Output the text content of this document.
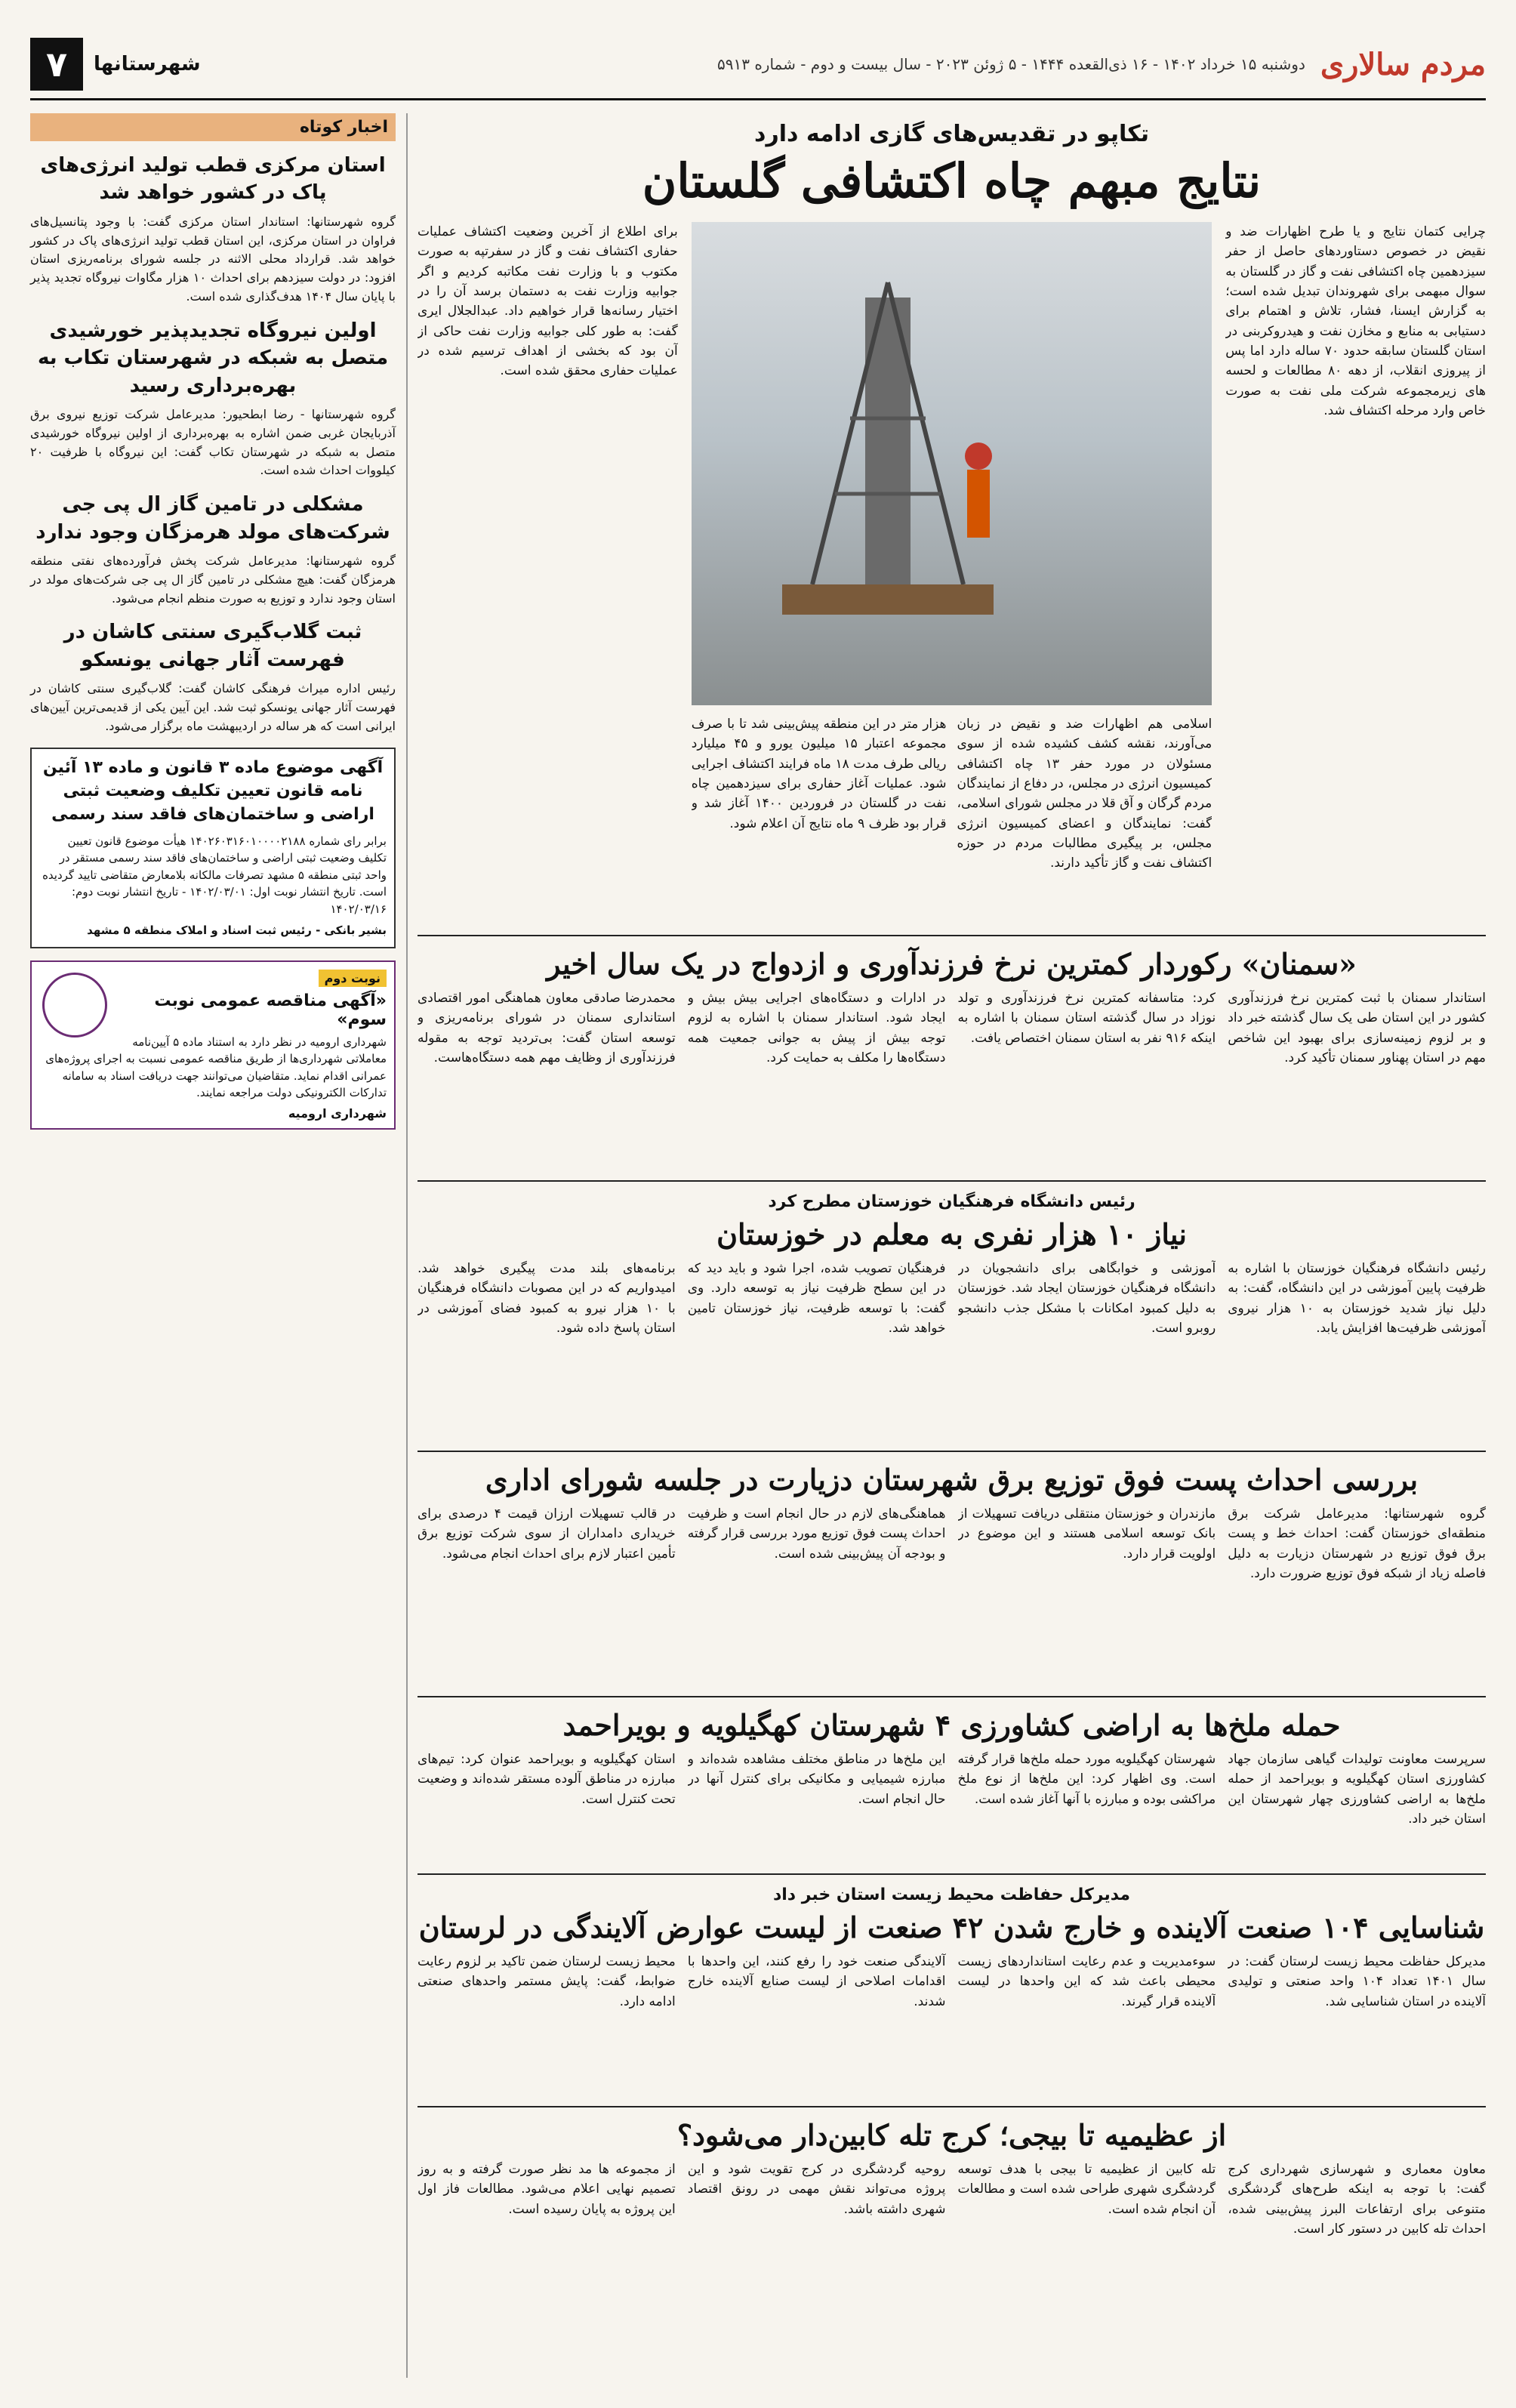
مردم سالاری
دوشنبه ۱۵ خرداد ۱۴۰۲ - ۱۶ ذی‌القعده ۱۴۴۴ - ۵ ژوئن ۲۰۲۳ - سال بیست و دوم - شماره ۵۹۱۳
شهرستانها
۷
تکاپو در تقدیس‌های گازی ادامه دارد
نتایج مبهم چاه اکتشافی گلستان
چرایی کتمان نتایج و یا طرح اظهارات ضد و نقیض در خصوص دستاوردهای حاصل از حفر سیزدهمین چاه اکتشافی نفت و گاز در گلستان به سوال مبهمی برای شهروندان تبدیل شده است؛ به گزارش ایسنا، فشار، تلاش و اهتمام برای دستیابی به منابع و مخازن نفت و هیدروکربنی در استان گلستان سابقه حدود ۷۰ ساله دارد اما پس از پیروزی انقلاب، از دهه ۸۰ مطالعات و لحسه های زیرمجموعه شرکت ملی نفت به صورت خاص وارد مرحله اکتشاف شد.
اسلامی هم اظهارات ضد و نقیض در زبان می‌آورند، نقشه کشف کشیده شده از سوی مسئولان در مورد حفر ۱۳ چاه اکتشافی کمیسیون انرژی در مجلس، در دفاع از نمایندگان مردم گرگان و آق قلا در مجلس شورای اسلامی، گفت: نمایندگان و اعضای کمیسیون انرژی مجلس، بر پیگیری مطالبات مردم در حوزه اکتشاف نفت و گاز تأکید دارند.
هزار متر در این منطقه پیش‌بینی شد تا با صرف مجموعه اعتبار ۱۵ میلیون یورو و ۴۵ میلیارد ریالی طرف مدت ۱۸ ماه فرایند اکتشاف اجرایی شود. عملیات آغاز حفاری برای سیزدهمین چاه نفت در گلستان در فروردین ۱۴۰۰ آغاز شد و قرار بود ظرف ۹ ماه نتایج آن اعلام شود.
برای اطلاع از آخرین وضعیت اکتشاف عملیات حفاری اکتشاف نفت و گاز در سفرتپه به صورت مکتوب و با وزارت نفت مکاتبه کردیم و اگر جوابیه وزارت نفت به دستمان برسد آن را در اختیار رسانه‌ها قرار خواهیم داد. عبدالجلال ایری گفت: به طور کلی جوابیه وزارت نفت حاکی از آن بود که بخشی از اهداف ترسیم شده در عملیات حفاری محقق شده است.
«سمنان» رکوردار کمترین نرخ فرزندآوری و ازدواج در یک سال اخیر
استاندار سمنان با ثبت کمترین نرخ فرزندآوری کشور در این استان طی یک سال گذشته خبر داد و بر لزوم زمینه‌سازی برای بهبود این شاخص مهم در استان پهناور سمنان تأکید کرد.
کرد: متاسفانه کمترین نرخ فرزندآوری و تولد نوزاد در سال گذشته استان سمنان با اشاره به اینکه ۹۱۶ نفر به استان سمنان اختصاص یافت.
در ادارات و دستگاه‌های اجرایی بیش بیش و ایجاد شود. استاندار سمنان با اشاره به لزوم توجه بیش از پیش به جوانی جمعیت همه دستگاه‌ها را مکلف به حمایت کرد.
محمدرضا صادقی معاون هماهنگی امور اقتصادی استانداری سمنان در شورای برنامه‌ریزی و توسعه استان گفت: بی‌تردید توجه به مقوله فرزندآوری از وظایف مهم همه دستگاه‌هاست.
رئیس دانشگاه فرهنگیان خوزستان مطرح کرد
نیاز ۱۰ هزار نفری به معلم در خوزستان
رئیس دانشگاه فرهنگیان خوزستان با اشاره به ظرفیت پایین آموزشی در این دانشگاه، گفت: به دلیل نیاز شدید خوزستان به ۱۰ هزار نیروی آموزشی ظرفیت‌ها افزایش یابد.
آموزشی و خوابگاهی برای دانشجویان در دانشگاه فرهنگیان خوزستان ایجاد شد. خوزستان به دلیل کمبود امکانات با مشکل جذب دانشجو روبرو است.
فرهنگیان تصویب شده، اجرا شود و باید دید که در این سطح ظرفیت نیاز به توسعه دارد. وی گفت: با توسعه ظرفیت، نیاز خوزستان تامین خواهد شد.
برنامه‌های بلند مدت پیگیری خواهد شد. امیدواریم که در این مصوبات دانشگاه فرهنگیان با ۱۰ هزار نیرو به کمبود فضای آموزشی در استان پاسخ داده شود.
بررسی احداث پست فوق توزیع برق شهرستان دزیارت در جلسه شورای اداری
گروه شهرستانها: مدیرعامل شرکت برق منطقه‌ای خوزستان گفت: احداث خط و پست برق فوق توزیع در شهرستان دزیارت به دلیل فاصله زیاد از شبکه فوق توزیع ضرورت دارد.
مازندران و خوزستان منتقلی دریافت تسهیلات از بانک توسعه اسلامی هستند و این موضوع در اولویت قرار دارد.
هماهنگی‌های لازم در حال انجام است و ظرفیت احداث پست فوق توزیع مورد بررسی قرار گرفته و بودجه آن پیش‌بینی شده است.
در قالب تسهیلات ارزان قیمت ۴ درصدی برای خریداری دامداران از سوی شرکت توزیع برق تأمین اعتبار لازم برای احداث انجام می‌شود.
حمله ملخ‌ها به اراضی کشاورزی ۴ شهرستان کهگیلویه و بویراحمد
سرپرست معاونت تولیدات گیاهی سازمان جهاد کشاورزی استان کهگیلویه و بویراحمد از حمله ملخ‌ها به اراضی کشاورزی چهار شهرستان این استان خبر داد.
شهرستان کهگیلویه مورد حمله ملخ‌ها قرار گرفته است. وی اظهار کرد: این ملخ‌ها از نوع ملخ مراکشی بوده و مبارزه با آنها آغاز شده است.
این ملخ‌ها در مناطق مختلف مشاهده شده‌اند و مبارزه شیمیایی و مکانیکی برای کنترل آنها در حال انجام است.
استان کهگیلویه و بویراحمد عنوان کرد: تیم‌های مبارزه در مناطق آلوده مستقر شده‌اند و وضعیت تحت کنترل است.
مدیرکل حفاظت محیط زیست استان خبر داد
شناسایی ۱۰۴ صنعت آلاینده و خارج شدن ۴۲ صنعت از لیست عوارض آلایندگی در لرستان
مدیرکل حفاظت محیط زیست لرستان گفت: در سال ۱۴۰۱ تعداد ۱۰۴ واحد صنعتی و تولیدی آلاینده در استان شناسایی شد.
سوءمدیریت و عدم رعایت استانداردهای زیست محیطی باعث شد که این واحدها در لیست آلاینده قرار گیرند.
آلایندگی صنعت خود را رفع کنند، این واحدها با اقدامات اصلاحی از لیست صنایع آلاینده خارج شدند.
محیط زیست لرستان ضمن تاکید بر لزوم رعایت ضوابط، گفت: پایش مستمر واحدهای صنعتی ادامه دارد.
از عظیمیه تا بیجی؛ کرج تله کابین‌دار می‌شود؟
معاون معماری و شهرسازی شهرداری کرج گفت: با توجه به اینکه طرح‌های گردشگری متنوعی برای ارتفاعات البرز پیش‌بینی شده، احداث تله کابین در دستور کار است.
تله کابین از عظیمیه تا بیجی با هدف توسعه گردشگری شهری طراحی شده است و مطالعات آن انجام شده است.
روحیه گردشگری در کرج تقویت شود و این پروژه می‌تواند نقش مهمی در رونق اقتصاد شهری داشته باشد.
از مجموعه ها مد نظر صورت گرفته و به روز تصمیم نهایی اعلام می‌شود. مطالعات فاز اول این پروژه به پایان رسیده است.
اخبار کوتاه
استان مرکزی قطب تولید انرژی‌های پاک در کشور خواهد شد

گروه شهرستانها: استاندار استان مرکزی گفت: با وجود پتانسیل‌های فراوان در استان مرکزی، این استان قطب تولید انرژی‌های پاک در کشور خواهد شد. قرارداد محلی الاثنه در جلسه شورای برنامه‌ریزی استان افزود: در دولت سیزدهم برای احداث ۱۰ هزار مگاوات نیروگاه تجدید پذیر با پایان سال ۱۴۰۴ هدف‌گذاری شده است.

اولین نیروگاه تجدیدپذیر خورشیدی متصل به شبکه در شهرستان تکاب به بهره‌برداری رسید

گروه شهرستانها - رضا ابطحیور: مدیرعامل شرکت توزیع نیروی برق آذربایجان غربی ضمن اشاره به بهره‌برداری از اولین نیروگاه خورشیدی متصل به شبکه در شهرستان تکاب گفت: این نیروگاه با ظرفیت ۲۰ کیلووات احداث شده است.

مشکلی در تامین گاز ال پی جی شرکت‌های مولد هرمزگان وجود ندارد

گروه شهرستانها: مدیرعامل شرکت پخش فرآورده‌های نفتی منطقه هرمزگان گفت: هیچ مشکلی در تامین گاز ال پی جی شرکت‌های مولد در استان وجود ندارد و توزیع به صورت منظم انجام می‌شود.

ثبت گلاب‌گیری سنتی کاشان در فهرست آثار جهانی یونسکو

رئیس اداره میراث فرهنگی کاشان گفت: گلاب‌گیری سنتی کاشان در فهرست آثار جهانی یونسکو ثبت شد. این آیین یکی از قدیمی‌ترین آیین‌های ایرانی است که هر ساله در اردیبهشت ماه برگزار می‌شود.

آگهی موضوع ماده ۳ قانون و ماده ۱۳ آئین نامه قانون تعیین تکلیف وضعیت ثبتی اراضی و ساختمان‌های فاقد سند رسمی

برابر رای شماره ۱۴۰۲۶۰۳۱۶۰۱۰۰۰۰۲۱۸۸ هیأت موضوع قانون تعیین تکلیف وضعیت ثبتی اراضی و ساختمان‌های فاقد سند رسمی مستقر در واحد ثبتی منطقه ۵ مشهد تصرفات مالکانه بلامعارض متقاضی تایید گردیده است. تاریخ انتشار نوبت اول: ۱۴۰۲/۰۳/۰۱ - تاریخ انتشار نوبت دوم: ۱۴۰۲/۰۳/۱۶

بشیر بانکی - رئیس ثبت اسناد و املاک منطقه ۵ مشهد

نوبت دوم
«آگهی مناقصه عمومی نوبت سوم»

شهرداری ارومیه در نظر دارد به استناد ماده ۵ آیین‌نامه معاملاتی شهرداری‌ها از طریق مناقصه عمومی نسبت به اجرای پروژه‌های عمرانی اقدام نماید. متقاضیان می‌توانند جهت دریافت اسناد به سامانه تدارکات الکترونیکی دولت مراجعه نمایند.

شهرداری ارومیه
